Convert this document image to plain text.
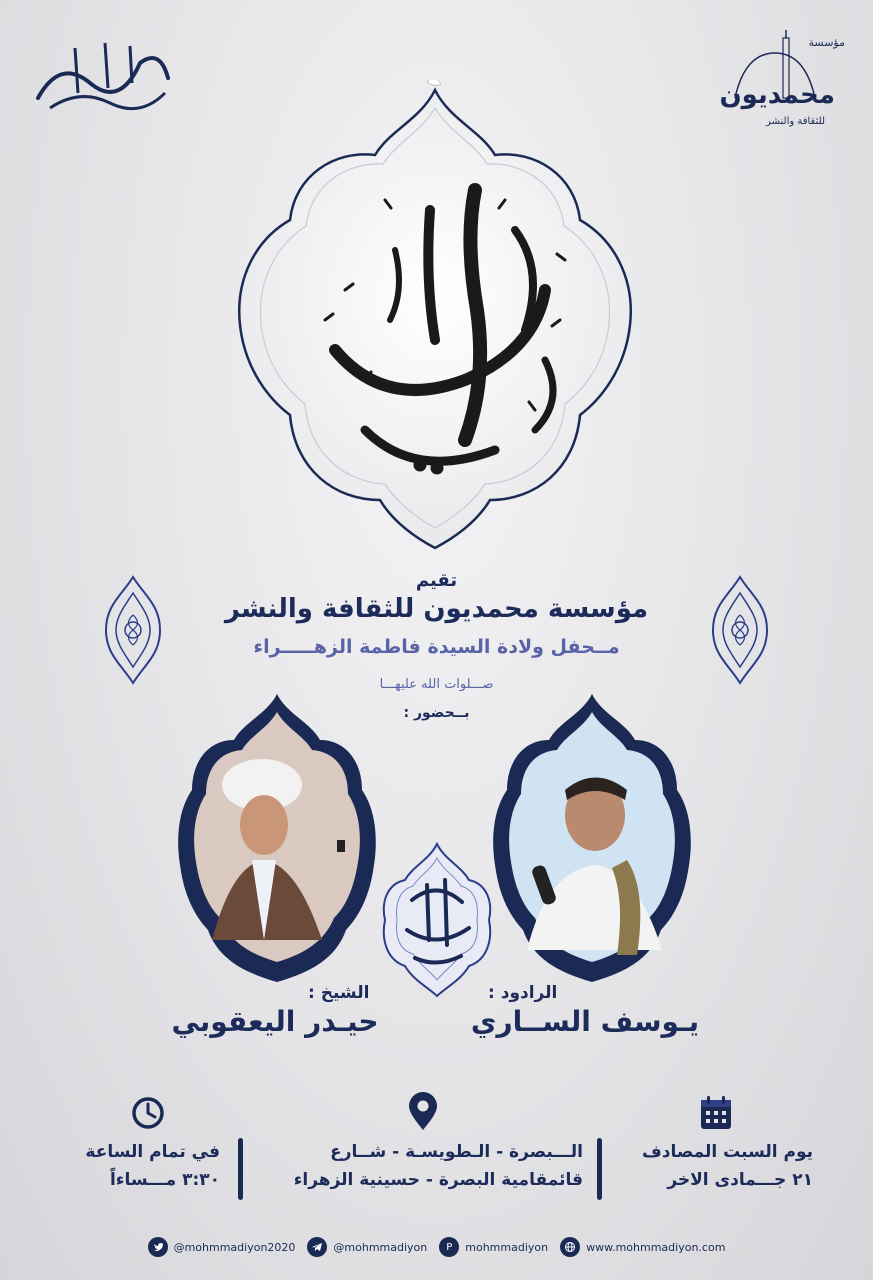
مؤسسة
محمديون
للثقافة والنشر
تقيم
مؤسسة محمديون للثقافة والنشر
مــحفل ولادة السيدة فاطمة الزهـــــراء
صـــلوات الله عليهـــا
بــحضور :
الشيخ :
حيـدر اليعقوبي
الرادود :
يـوسف الســاري
يوم السبت المصادف
٢١ جـــمادى الاخر
الـــبصرة - الـطويسـة - شــارع
قائمقامية البصرة - حسينية الزهراء
في تمام الساعة
٣:٣٠ مـــساءاً
@mohmmadiyon2020	@mohmmadiyon	P	mohmmadiyon	www.mohmmadiyon.com
